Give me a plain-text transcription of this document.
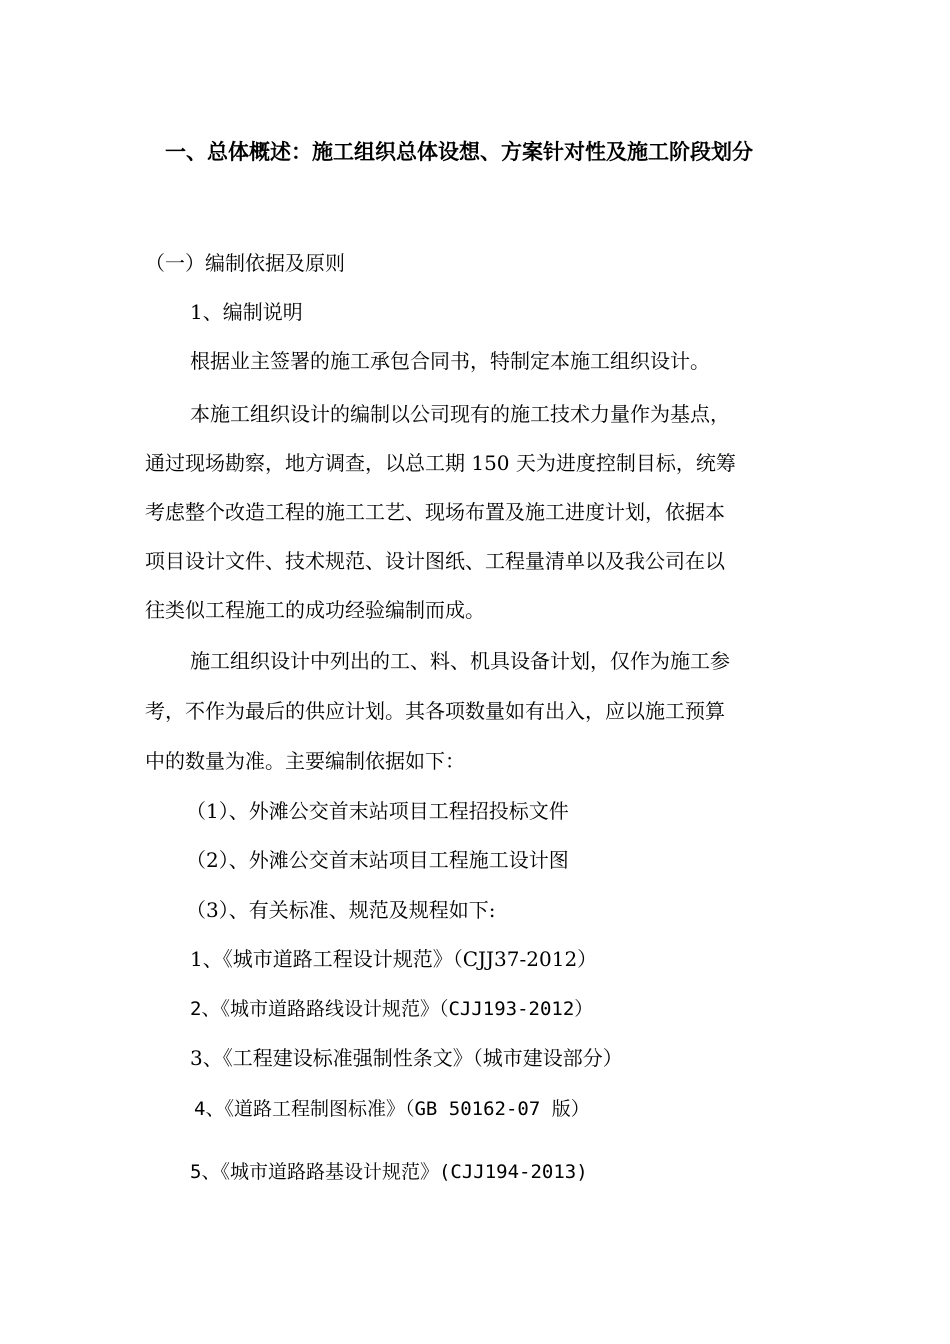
一、总体概述：施工组织总体设想、方案针对性及施工阶段划分
（一）编制依据及原则
1、编制说明
根据业主签署的施工承包合同书，特制定本施工组织设计。
本施工组织设计的编制以公司现有的施工技术力量作为基点，
通过现场勘察，地方调查，以总工期 150 天为进度控制目标，统筹
考虑整个改造工程的施工工艺、现场布置及施工进度计划，依据本
项目设计文件、技术规范、设计图纸、工程量清单以及我公司在以
往类似工程施工的成功经验编制而成。
施工组织设计中列出的工、料、机具设备计划，仅作为施工参
考，不作为最后的供应计划。其各项数量如有出入，应以施工预算
中的数量为准。主要编制依据如下：
（1）、外滩公交首末站项目工程招投标文件
（2）、外滩公交首末站项目工程施工设计图
（3）、有关标准、规范及规程如下:
1、《城市道路工程设计规范》（CJJ37-2012）
2、《城市道路路线设计规范》（CJJ193-2012）
3、《工程建设标准强制性条文》（城市建设部分）
4、《道路工程制图标准》（GB 50162-07 版）
5、《城市道路路基设计规范》(CJJ194-2013)
